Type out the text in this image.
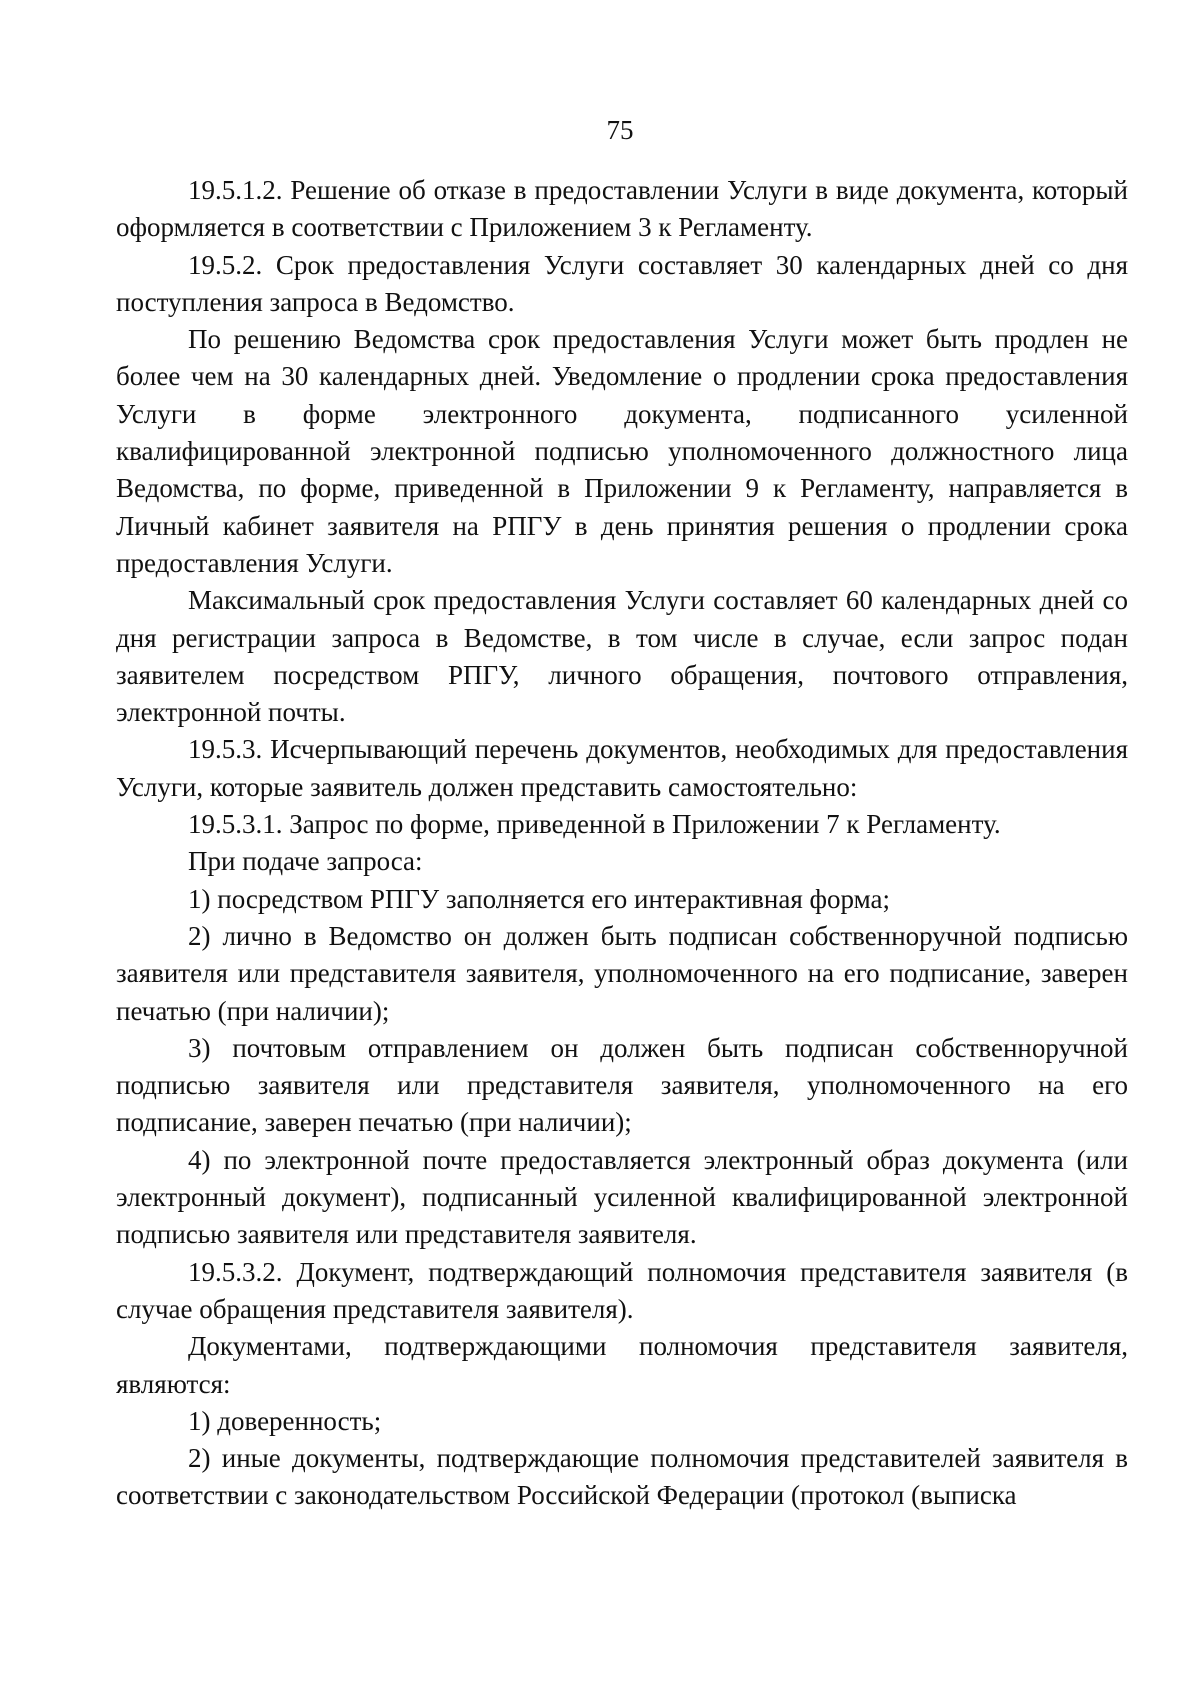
75

19.5.1.2. Решение об отказе в предоставлении Услуги в виде документа, который оформляется в соответствии с Приложением 3 к Регламенту.

19.5.2. Срок предоставления Услуги составляет 30 календарных дней со дня поступления запроса в Ведомство.

По решению Ведомства срок предоставления Услуги может быть продлен не более чем на 30 календарных дней. Уведомление о продлении срока предоставления Услуги в форме электронного документа, подписанного усиленной квалифицированной электронной подписью уполномоченного должностного лица Ведомства, по форме, приведенной в Приложении 9 к Регламенту, направляется в Личный кабинет заявителя на РПГУ в день принятия решения о продлении срока предоставления Услуги.

Максимальный срок предоставления Услуги составляет 60 календарных дней со дня регистрации запроса в Ведомстве, в том числе в случае, если запрос подан заявителем посредством РПГУ, личного обращения, почтового отправления, электронной почты.

19.5.3. Исчерпывающий перечень документов, необходимых для предоставления Услуги, которые заявитель должен представить самостоятельно:

19.5.3.1. Запрос по форме, приведенной в Приложении 7 к Регламенту.

При подаче запроса:

1) посредством РПГУ заполняется его интерактивная форма;

2) лично в Ведомство он должен быть подписан собственноручной подписью заявителя или представителя заявителя, уполномоченного на его подписание, заверен печатью (при наличии);

3) почтовым отправлением он должен быть подписан собственноручной подписью заявителя или представителя заявителя, уполномоченного на его подписание, заверен печатью (при наличии);

4) по электронной почте предоставляется электронный образ документа (или электронный документ), подписанный усиленной квалифицированной электронной подписью заявителя или представителя заявителя.

19.5.3.2. Документ, подтверждающий полномочия представителя заявителя (в случае обращения представителя заявителя).

Документами, подтверждающими полномочия представителя заявителя, являются:

1) доверенность;

2) иные документы, подтверждающие полномочия представителей заявителя в соответствии с законодательством Российской Федерации (протокол (выписка
